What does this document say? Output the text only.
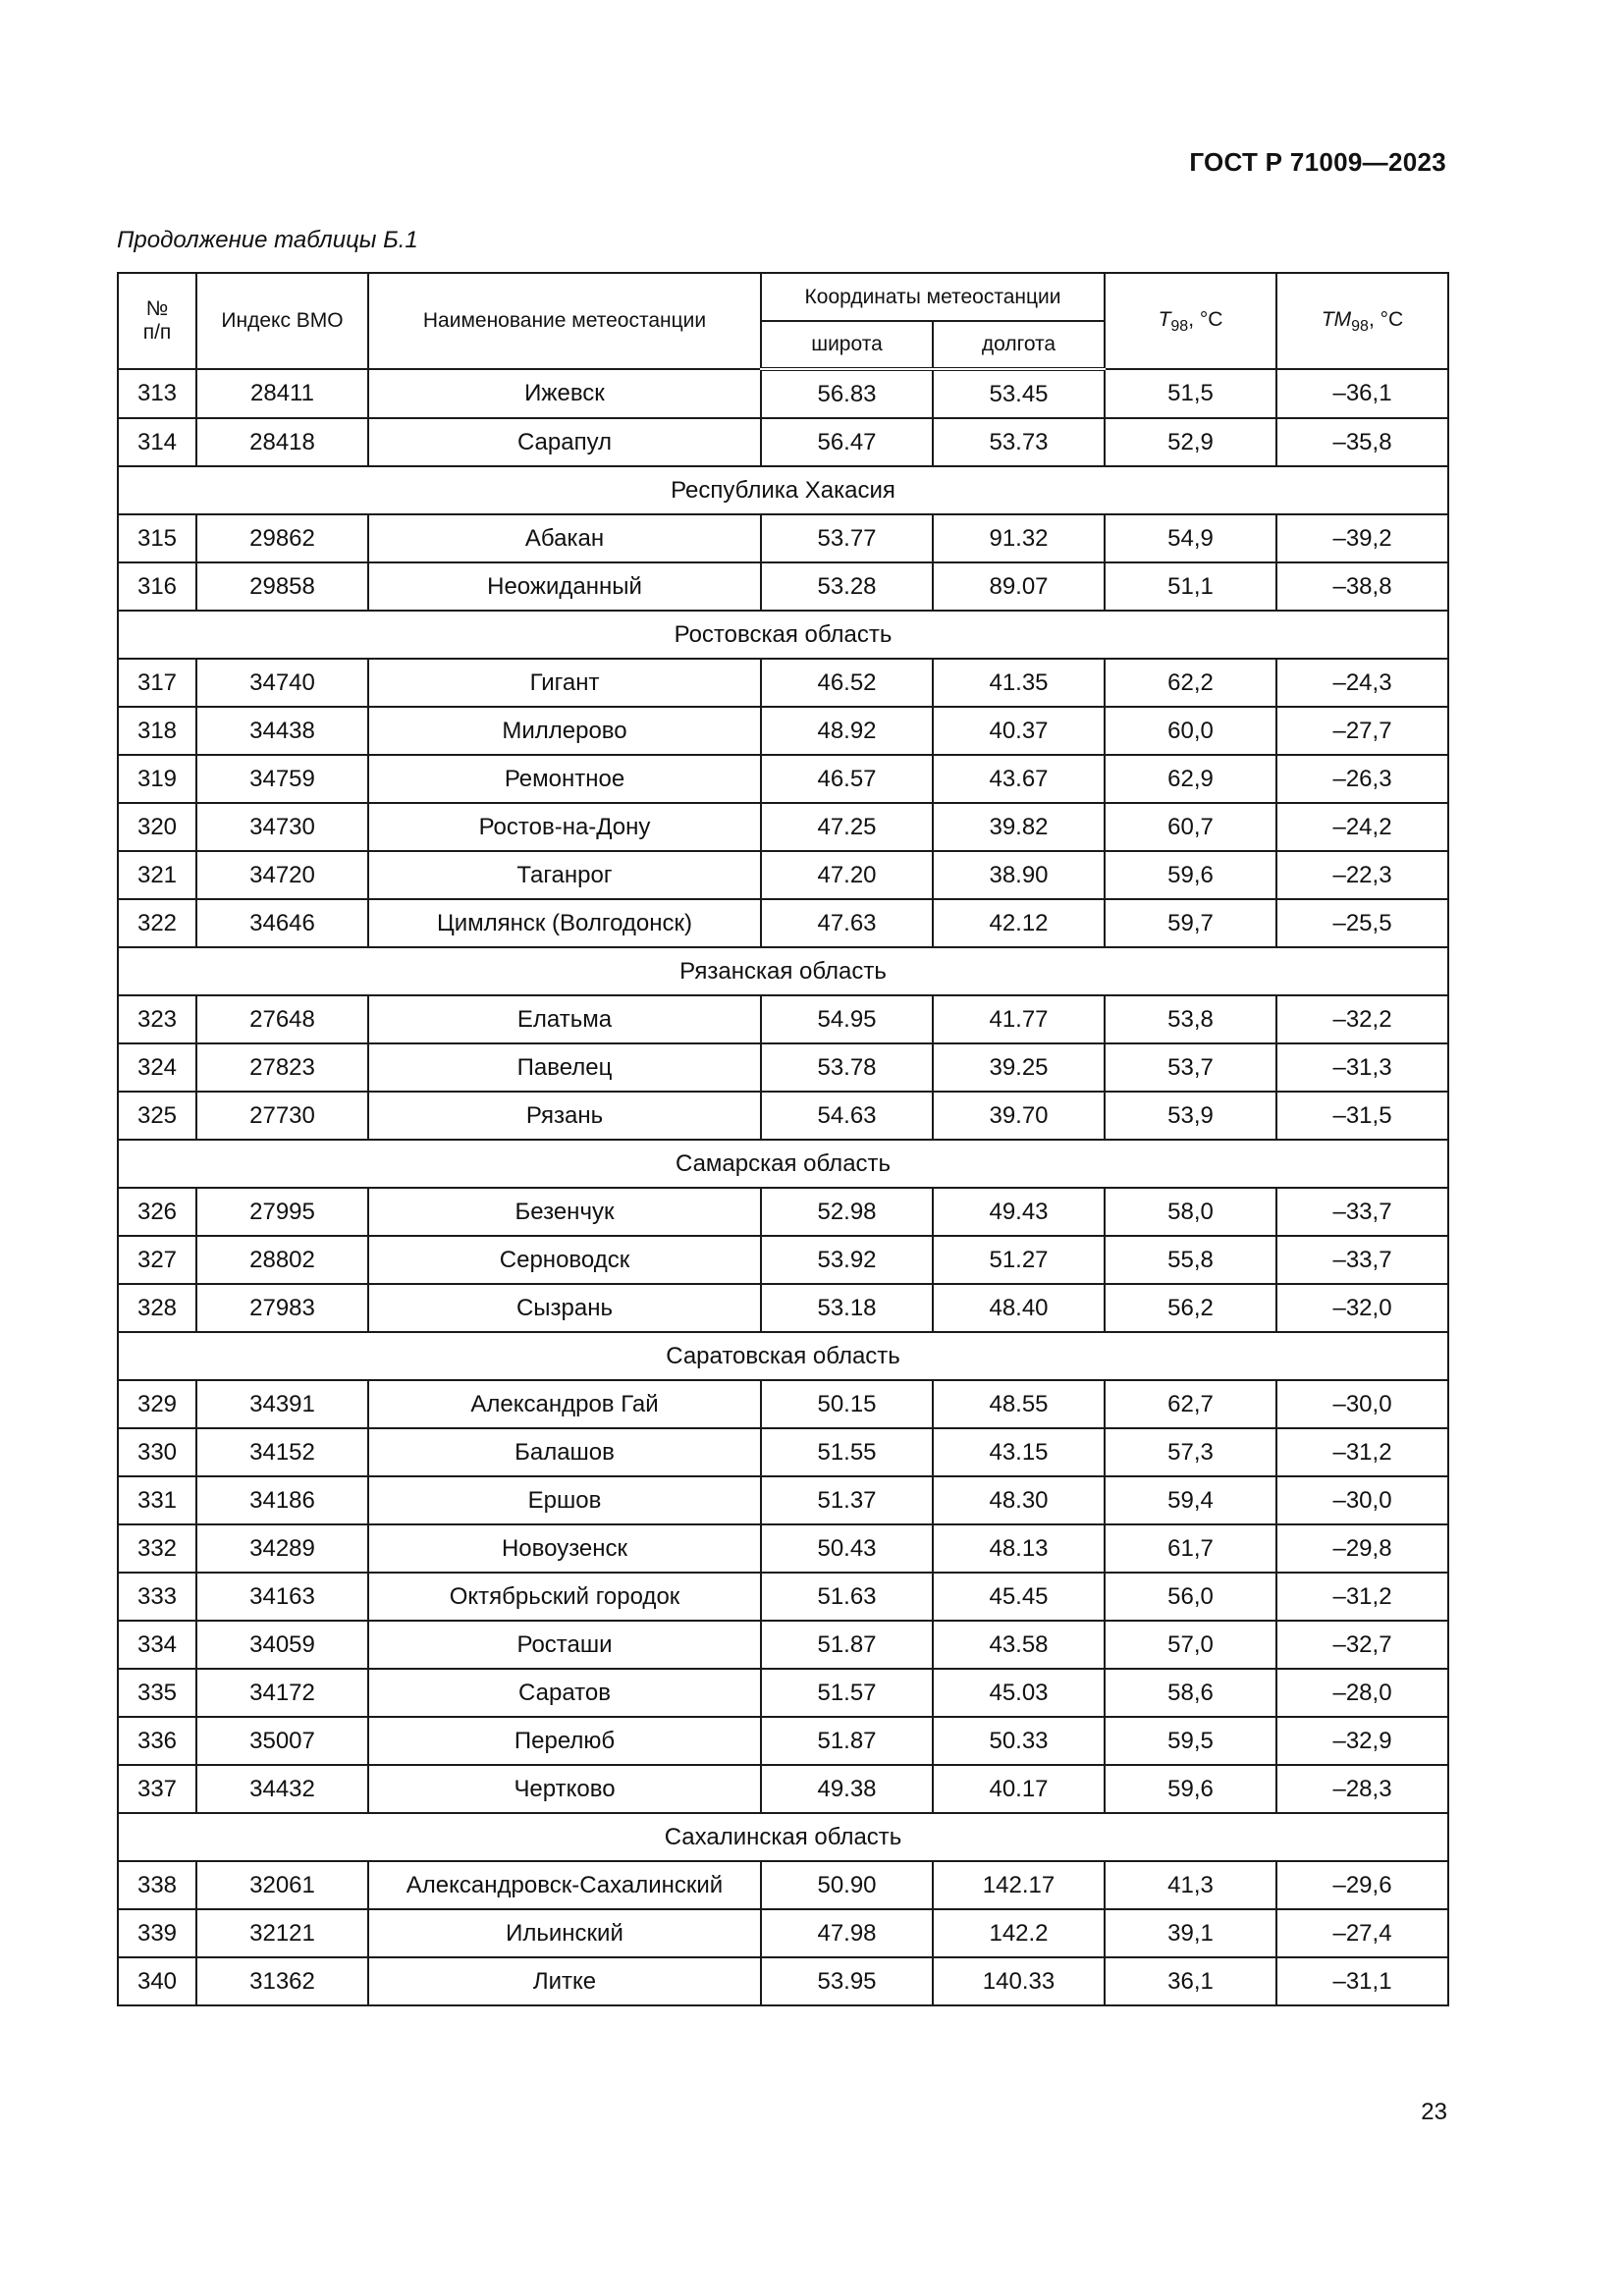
ГОСТ Р 71009—2023
Продолжение таблицы Б.1
№
п/п	Индекс ВМО	Наименование метеостанции	Координаты метеостанции		$T_{98}$, °C	$TM_{98}$, °C
			широта	долгота		
313	28411	Ижевск	56.83	53.45	51,5	–36,1
314	28418	Сарапул	56.47	53.73	52,9	–35,8
Республика Хакасия						
315	29862	Абакан	53.77	91.32	54,9	–39,2
316	29858	Неожиданный	53.28	89.07	51,1	–38,8
Ростовская область						
317	34740	Гигант	46.52	41.35	62,2	–24,3
318	34438	Миллерово	48.92	40.37	60,0	–27,7
319	34759	Ремонтное	46.57	43.67	62,9	–26,3
320	34730	Ростов-на-Дону	47.25	39.82	60,7	–24,2
321	34720	Таганрог	47.20	38.90	59,6	–22,3
322	34646	Цимлянск (Волгодонск)	47.63	42.12	59,7	–25,5
Рязанская область						
323	27648	Елатьма	54.95	41.77	53,8	–32,2
324	27823	Павелец	53.78	39.25	53,7	–31,3
325	27730	Рязань	54.63	39.70	53,9	–31,5
Самарская область						
326	27995	Безенчук	52.98	49.43	58,0	–33,7
327	28802	Серноводск	53.92	51.27	55,8	–33,7
328	27983	Сызрань	53.18	48.40	56,2	–32,0
Саратовская область						
329	34391	Александров Гай	50.15	48.55	62,7	–30,0
330	34152	Балашов	51.55	43.15	57,3	–31,2
331	34186	Ершов	51.37	48.30	59,4	–30,0
332	34289	Новоузенск	50.43	48.13	61,7	–29,8
333	34163	Октябрьский городок	51.63	45.45	56,0	–31,2
334	34059	Росташи	51.87	43.58	57,0	–32,7
335	34172	Саратов	51.57	45.03	58,6	–28,0
336	35007	Перелюб	51.87	50.33	59,5	–32,9
337	34432	Чертково	49.38	40.17	59,6	–28,3
Сахалинская область						
338	32061	Александровск-Сахалинский	50.90	142.17	41,3	–29,6
339	32121	Ильинский	47.98	142.2	39,1	–27,4
340	31362	Литке	53.95	140.33	36,1	–31,1
23
